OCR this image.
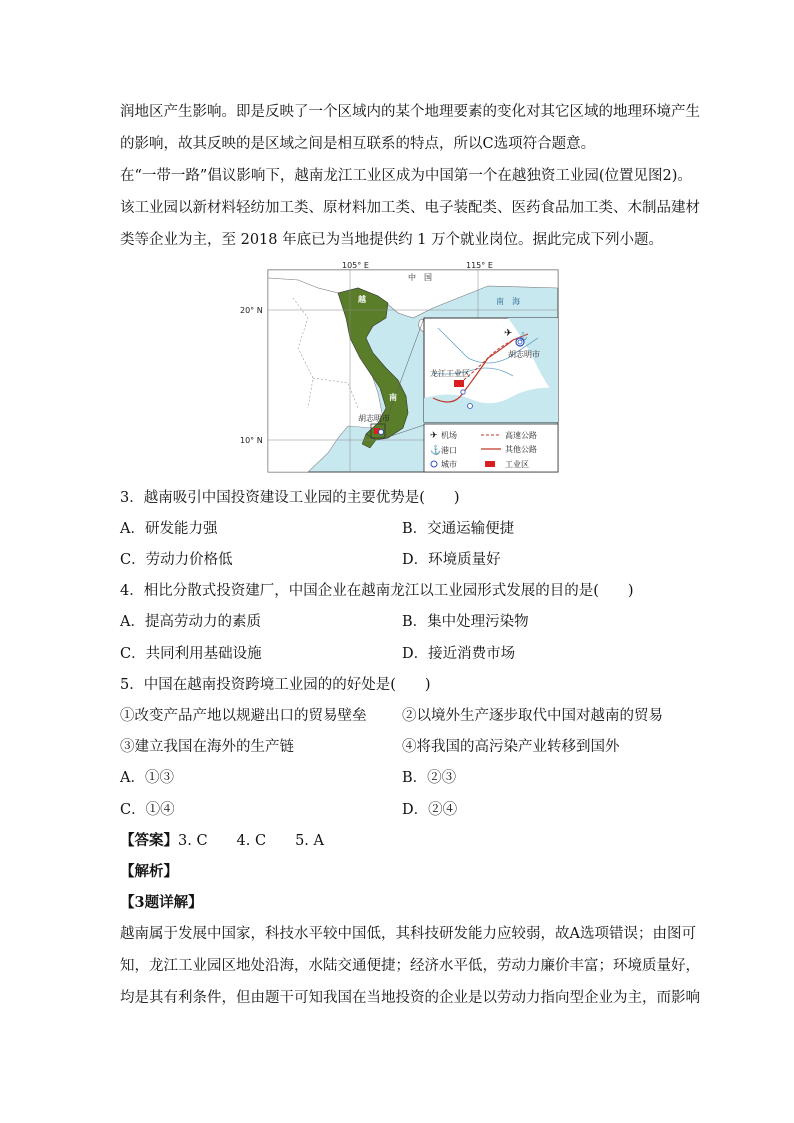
润地区产生影响。即是反映了一个区域内的某个地理要素的变化对其它区域的地理环境产生
的影响，故其反映的是区域之间是相互联系的特点，所以C选项符合题意。
在“一带一路”倡议影响下，越南龙江工业区成为中国第一个在越独资工业园(位置见图2)。
该工业园以新材料轻纺加工类、原材料加工类、电子装配类、医药食品加工类、木制品建材
类等企业为主，至 2018 年底已为当地提供约 1 万个就业岗位。据此完成下列小题。
✈ ⚓
✈
⚓
105° E	115° E
20° N
10° N
中　国
南　海
越
南
胡志明市
胡志明市
龙江工业区
机场
港口
城市
高速公路
其他公路
工业区
3．越南吸引中国投资建设工业园的主要优势是(　　)
A．研发能力强	B．交通运输便捷
C．劳动力价格低	D．环境质量好
4．相比分散式投资建厂，中国企业在越南龙江以工业园形式发展的目的是(　　)
A．提高劳动力的素质	B．集中处理污染物
C．共同利用基础设施	D．接近消费市场
5．中国在越南投资跨境工业园的的好处是(　　)
①改变产品产地以规避出口的贸易壁垒 ②以境外生产逐步取代中国对越南的贸易
③建立我国在海外的生产链	④将我国的高污染产业转移到国外
A．①③	B．②③
C．①④	D．②④
【答案】3. C　　4. C　　5. A
【解析】
【3题详解】
越南属于发展中国家，科技水平较中国低，其科技研发能力应较弱，故A选项错误；由图可
知，龙江工业园区地处沿海，水陆交通便捷；经济水平低，劳动力廉价丰富；环境质量好，
均是其有利条件，但由题干可知我国在当地投资的企业是以劳动力指向型企业为主，而影响
